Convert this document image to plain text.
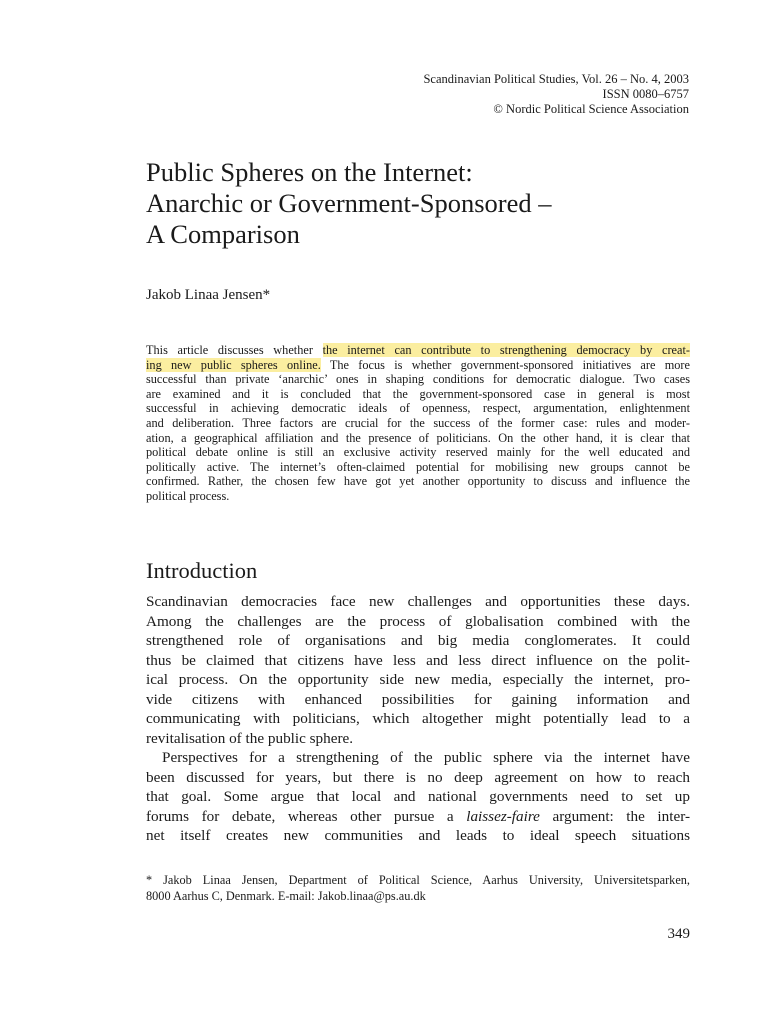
Scandinavian Political Studies, Vol. 26 – No. 4, 2003
ISSN 0080–6757
© Nordic Political Science Association
Public Spheres on the Internet:
Anarchic or Government-Sponsored –
A Comparison
Jakob Linaa Jensen*
This article discusses whether the internet can contribute to strengthening democracy by creat-
ing new public spheres online. The focus is whether government-sponsored initiatives are more
successful than private ‘anarchic’ ones in shaping conditions for democratic dialogue. Two cases
are examined and it is concluded that the government-sponsored case in general is most
successful in achieving democratic ideals of openness, respect, argumentation, enlightenment
and deliberation. Three factors are crucial for the success of the former case: rules and moder-
ation, a geographical affiliation and the presence of politicians. On the other hand, it is clear that
political debate online is still an exclusive activity reserved mainly for the well educated and
politically active. The internet’s often-claimed potential for mobilising new groups cannot be
confirmed. Rather, the chosen few have got yet another opportunity to discuss and influence the
political process.
Introduction
Scandinavian democracies face new challenges and opportunities these days.
Among the challenges are the process of globalisation combined with the
strengthened role of organisations and big media conglomerates. It could
thus be claimed that citizens have less and less direct influence on the polit-
ical process. On the opportunity side new media, especially the internet, pro-
vide citizens with enhanced possibilities for gaining information and
communicating with politicians, which altogether might potentially lead to a
revitalisation of the public sphere.
Perspectives for a strengthening of the public sphere via the internet have
been discussed for years, but there is no deep agreement on how to reach
that goal. Some argue that local and national governments need to set up
forums for debate, whereas other pursue a laissez-faire argument: the inter-
net itself creates new communities and leads to ideal speech situations
* Jakob Linaa Jensen, Department of Political Science, Aarhus University, Universitetsparken,
8000 Aarhus C, Denmark. E-mail: Jakob.linaa@ps.au.dk
349
